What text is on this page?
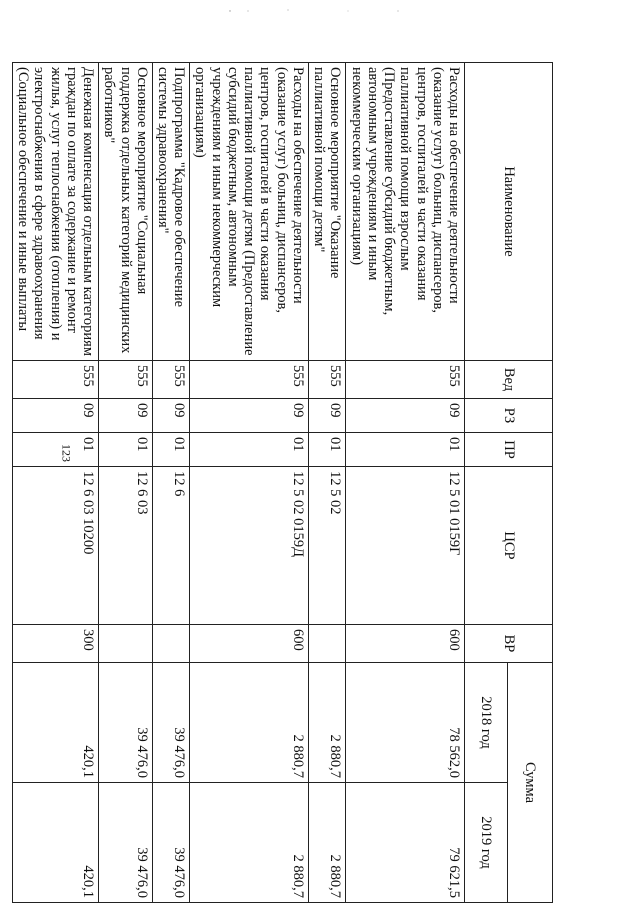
123
Наименование	Вед	РЗ	ПР	ЦСР	ВР	Сумма	
						2018 год	2019 год
Расходы на обеспечение деятельности (оказание услуг) больниц, диспансеров, центров, госпиталей в части оказания паллиативной помощи взрослым (Предоставление субсидий бюджетным, автономным учреждениям и иным некоммерческим организациям)	555	09	01	12 5 01 0159Г	600	78 562,0	79 621,5
Основное мероприятие "Оказание паллиативной помощи детям"	555	09	01	12 5 02		2 880,7	2 880,7
Расходы на обеспечение деятельности (оказание услуг) больниц, диспансеров, центров, госпиталей в части оказания паллиативной помощи детям (Предоставление субсидий бюджетным, автономным учреждениям и иным некоммерческим организациям)	555	09	01	12 5 02 0159Д	600	2 880,7	2 880,7
Подпрограмма "Кадровое обеспечение системы здравоохранения"	555	09	01	12 6		39 476,0	39 476,0
Основное мероприятие "Социальная поддержка отдельных категорий медицинских работников"	555	09	01	12 6 03		39 476,0	39 476,0
Денежная компенсация отдельным категориям граждан по оплате за содержание и ремонт жилья, услуг теплоснабжения (отопления) и электроснабжения в сфере здравоохранения (Социальное обеспечение и иные выплаты	555	09	01	12 6 03 10200	300	420,1	420,1
